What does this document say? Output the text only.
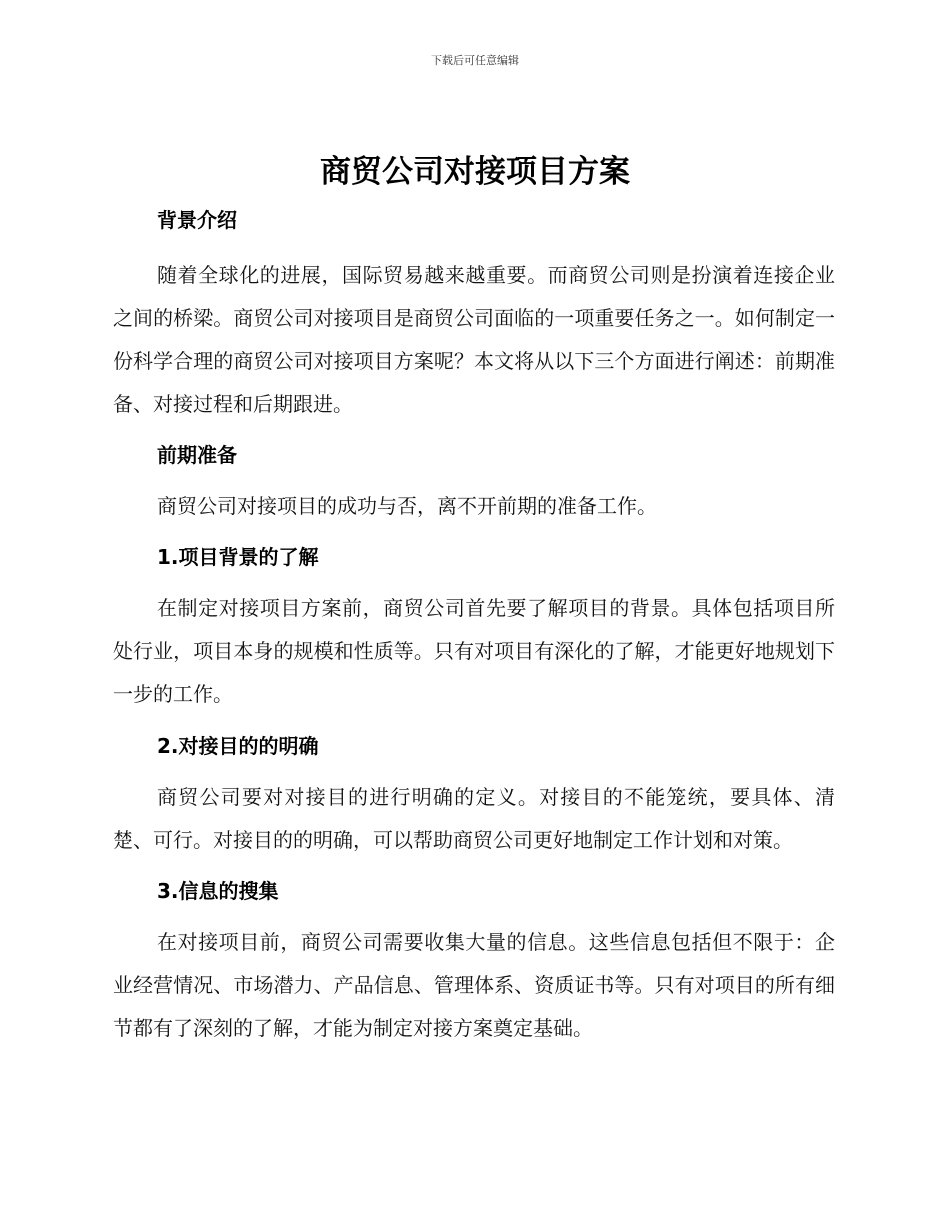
下载后可任意编辑
商贸公司对接项目方案
背景介绍

随着全球化的进展，国际贸易越来越重要。而商贸公司则是扮演着连接企业之间的桥梁。商贸公司对接项目是商贸公司面临的一项重要任务之一。如何制定一份科学合理的商贸公司对接项目方案呢？本文将从以下三个方面进行阐述：前期准备、对接过程和后期跟进。

前期准备

商贸公司对接项目的成功与否，离不开前期的准备工作。

1.项目背景的了解

在制定对接项目方案前，商贸公司首先要了解项目的背景。具体包括项目所处行业，项目本身的规模和性质等。只有对项目有深化的了解，才能更好地规划下一步的工作。

2.对接目的的明确

商贸公司要对对接目的进行明确的定义。对接目的不能笼统，要具体、清楚、可行。对接目的的明确，可以帮助商贸公司更好地制定工作计划和对策。

3.信息的搜集

在对接项目前，商贸公司需要收集大量的信息。这些信息包括但不限于：企业经营情况、市场潜力、产品信息、管理体系、资质证书等。只有对项目的所有细节都有了深刻的了解，才能为制定对接方案奠定基础。
